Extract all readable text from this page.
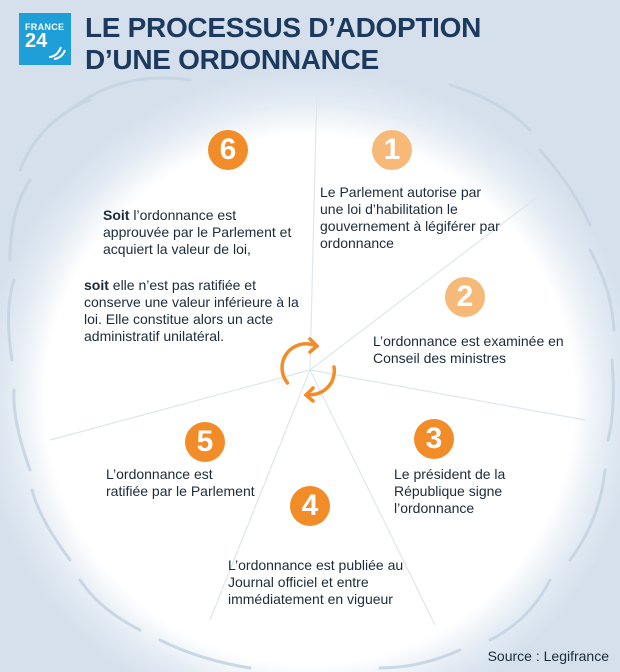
FRANCE
24 LE PROCESSUS D’ADOPTION
D’UNE ORDONNANCE
1

Le Parlement autorise par une loi d’habilitation le gouvernement à légiférer par ordonnance

2

L’ordonnance est examinée en Conseil des ministres

3

Le président de la République signe l’ordonnance

4

L’ordonnance est publiée au Journal officiel et entre immédiatement en vigueur

5

L’ordonnance est ratifiée par le Parlement

6

Soit l’ordonnance est approuvée par le Parlement et acquiert la valeur de loi,

soit elle n’est pas ratifiée et conserve une valeur inférieure à la loi. Elle constitue alors un acte administratif unilatéral.

Source : Legifrance
